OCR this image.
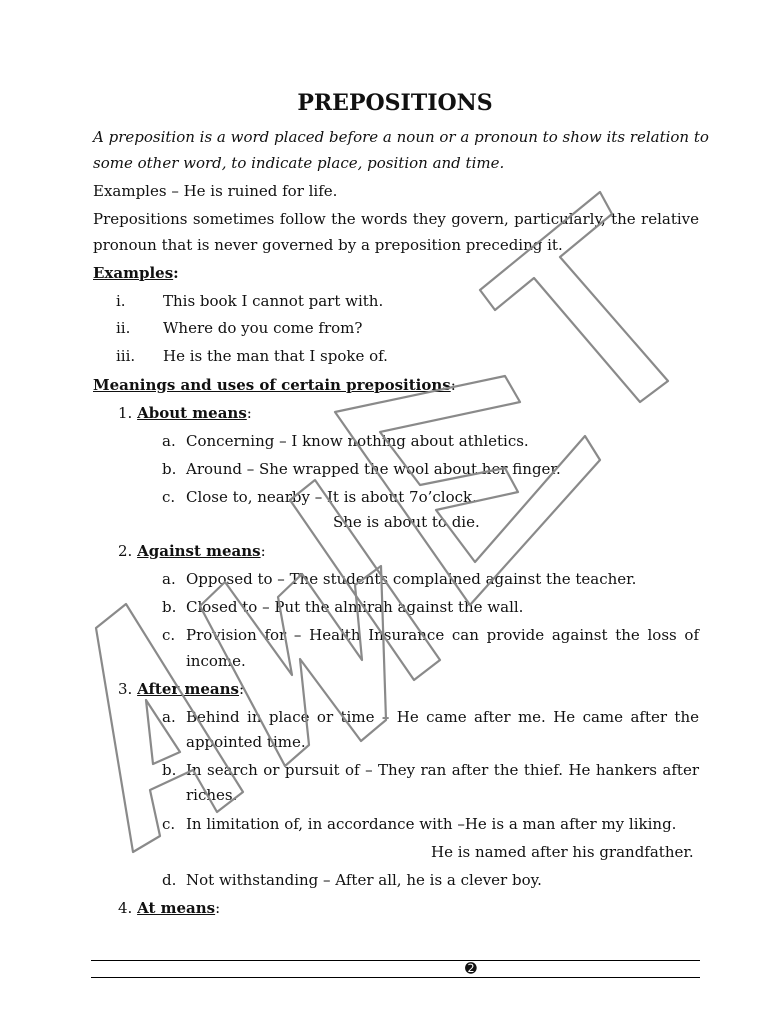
PREPOSITIONS
A preposition is a word placed before a noun or a pronoun to show its relation to
some other word, to indicate place, position and time.
Examples – He is ruined for life.
Prepositions sometimes follow the words they govern, particularly, the relative
pronoun that is never governed by a preposition preceding it.
Examples:
i. This book I cannot part with.
ii. Where do you come from?
iii. He is the man that I spoke of.
Meanings and uses of certain prepositions:
1. About means:
a. Concerning – I know nothing about athletics.
b. Around – She wrapped the wool about her finger.
c. Close to, nearby – It is about 7o’clock.
She is about to die.
2. Against means:
a. Opposed to – The students complained against the teacher.
b. Closed to – Put the almirah against the wall.
c. Provision for – Health Insurance can provide against the loss of
income.
3. After means:
a. Behind in place or time – He came after me. He came after the
appointed time.
b. In search or pursuit of – They ran after the thief. He hankers after
riches.
c. In limitation of, in accordance with –He is a man after my liking.
He is named after his grandfather.
d. Not withstanding – After all, he is a clever boy.
4. At means:
➋
